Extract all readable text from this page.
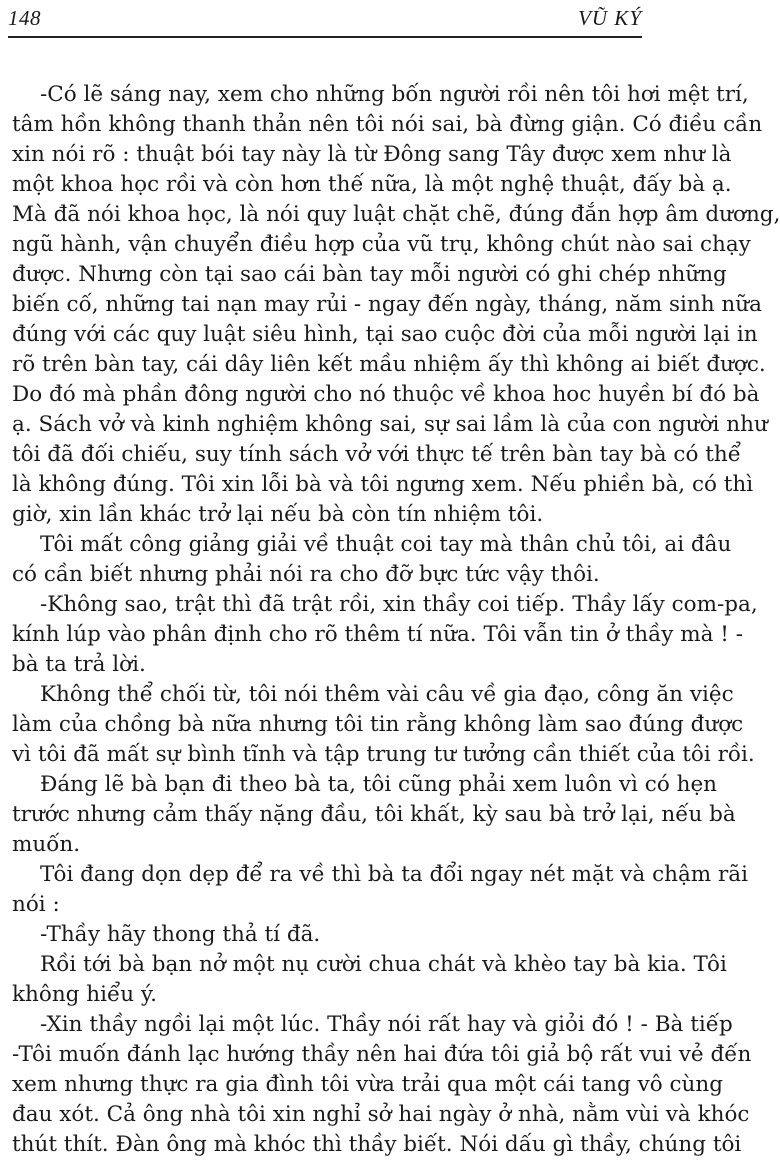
148	VŨ KÝ
-Có lẽ sáng nay, xem cho những bốn người rồi nên tôi hơi mệt trí,
tâm hồn không thanh thản nên tôi nói sai, bà đừng giận. Có điều cần
xin nói rõ : thuật bói tay này là từ Đông sang Tây được xem như là
một khoa học rồi và còn hơn thế nữa, là một nghệ thuật, đấy bà ạ.
Mà đã nói khoa học, là nói quy luật chặt chẽ, đúng đắn hợp âm dương,
ngũ hành, vận chuyển điều hợp của vũ trụ, không chút nào sai chạy
được. Nhưng còn tại sao cái bàn tay mỗi người có ghi chép những
biến cố, những tai nạn may rủi - ngay đến ngày, tháng, năm sinh nữa
đúng với các quy luật siêu hình, tại sao cuộc đời của mỗi người lại in
rõ trên bàn tay, cái dây liên kết mầu nhiệm ấy thì không ai biết được.
Do đó mà phần đông người cho nó thuộc về khoa hoc huyền bí đó bà
ạ. Sách vở và kinh nghiệm không sai, sự sai lầm là của con người như
tôi đã đối chiếu, suy tính sách vở với thực tế trên bàn tay bà có thể
là không đúng. Tôi xin lỗi bà và tôi ngưng xem. Nếu phiền bà, có thì
giờ, xin lần khác trở lại nếu bà còn tín nhiệm tôi.
Tôi mất công giảng giải về thuật coi tay mà thân chủ tôi, ai đâu
có cần biết nhưng phải nói ra cho đỡ bực tức vậy thôi.
-Không sao, trật thì đã trật rồi, xin thầy coi tiếp. Thầy lấy com-pa,
kính lúp vào phân định cho rõ thêm tí nữa. Tôi vẫn tin ở thầy mà ! -
bà ta trả lời.
Không thể chối từ, tôi nói thêm vài câu về gia đạo, công ăn việc
làm của chồng bà nữa nhưng tôi tin rằng không làm sao đúng được
vì tôi đã mất sự bình tĩnh và tập trung tư tưởng cần thiết của tôi rồi.
Đáng lẽ bà bạn đi theo bà ta, tôi cũng phải xem luôn vì có hẹn
trước nhưng cảm thấy nặng đầu, tôi khất, kỳ sau bà trở lại, nếu bà
muốn.
Tôi đang dọn dẹp để ra về thì bà ta đổi ngay nét mặt và chậm rãi
nói :
-Thầy hãy thong thả tí đã.
Rồi tới bà bạn nở một nụ cười chua chát và khèo tay bà kia. Tôi
không hiểu ý.
-Xin thầy ngồi lại một lúc. Thầy nói rất hay và giỏi đó ! - Bà tiếp
-Tôi muốn đánh lạc hướng thầy nên hai đứa tôi giả bộ rất vui vẻ đến
xem nhưng thực ra gia đình tôi vừa trải qua một cái tang vô cùng
đau xót. Cả ông nhà tôi xin nghỉ sở hai ngày ở nhà, nằm vùi và khóc
thút thít. Đàn ông mà khóc thì thầy biết. Nói dấu gì thầy, chúng tôi
